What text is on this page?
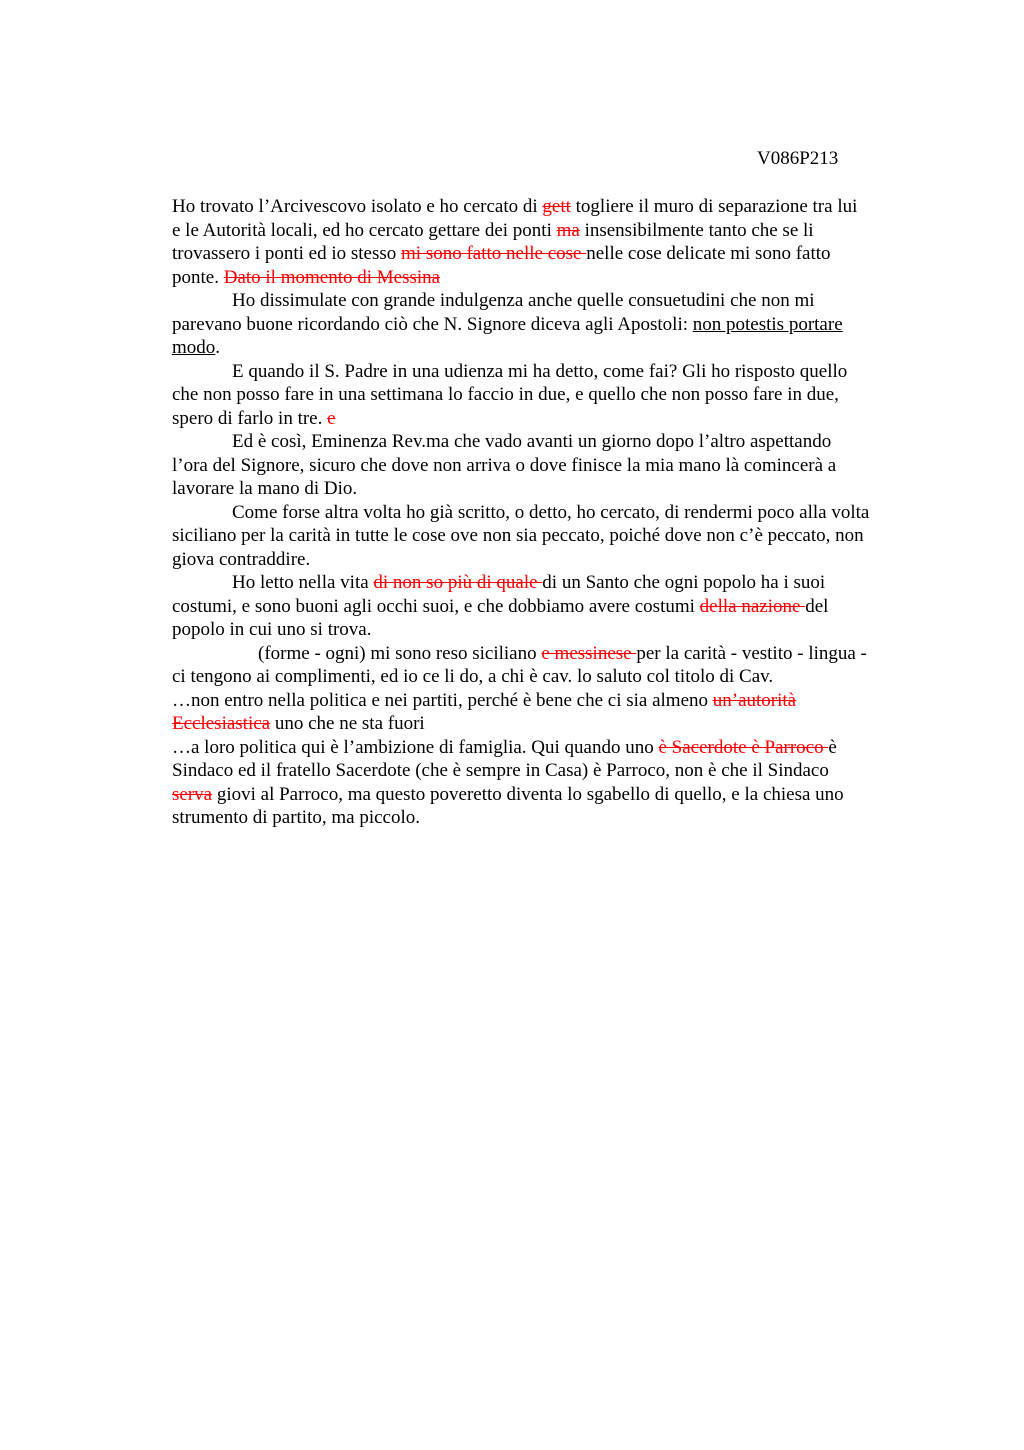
V086P213
Ho trovato l’Arcivescovo isolato e ho cercato di gett togliere il muro di separazione tra lui
e le Autorità locali, ed ho cercato gettare dei ponti ma insensibilmente tanto che se li
trovassero i ponti ed io stesso mi sono fatto nelle cose nelle cose delicate mi sono fatto
ponte. Dato il momento di Messina
Ho dissimulate con grande indulgenza anche quelle consuetudini che non mi
parevano buone ricordando ciò che N. Signore diceva agli Apostoli: non potestis portare
modo.
E quando il S. Padre in una udienza mi ha detto, come fai? Gli ho risposto quello
che non posso fare in una settimana lo faccio in due, e quello che non posso fare in due,
spero di farlo in tre. e
Ed è così, Eminenza Rev.ma che vado avanti un giorno dopo l’altro aspettando
l’ora del Signore, sicuro che dove non arriva o dove finisce la mia mano là comincerà a
lavorare la mano di Dio.
Come forse altra volta ho già scritto, o detto, ho cercato, di rendermi poco alla volta
siciliano per la carità in tutte le cose ove non sia peccato, poiché dove non c’è peccato, non
giova contraddire.
Ho letto nella vita di non so più di quale di un Santo che ogni popolo ha i suoi
costumi, e sono buoni agli occhi suoi, e che dobbiamo avere costumi della nazione del
popolo in cui uno si trova.
(forme - ogni) mi sono reso siciliano e messinese per la carità - vestito - lingua -
ci tengono ai complimenti, ed io ce li do, a chi è cav. lo saluto col titolo di Cav.
…non entro nella politica e nei partiti, perché è bene che ci sia almeno un’autorità
Ecclesiastica uno che ne sta fuori
…a loro politica qui è l’ambizione di famiglia. Qui quando uno è Sacerdote è Parroco è
Sindaco ed il fratello Sacerdote (che è sempre in Casa) è Parroco, non è che il Sindaco
serva giovi al Parroco, ma questo poveretto diventa lo sgabello di quello, e la chiesa uno
strumento di partito, ma piccolo.
